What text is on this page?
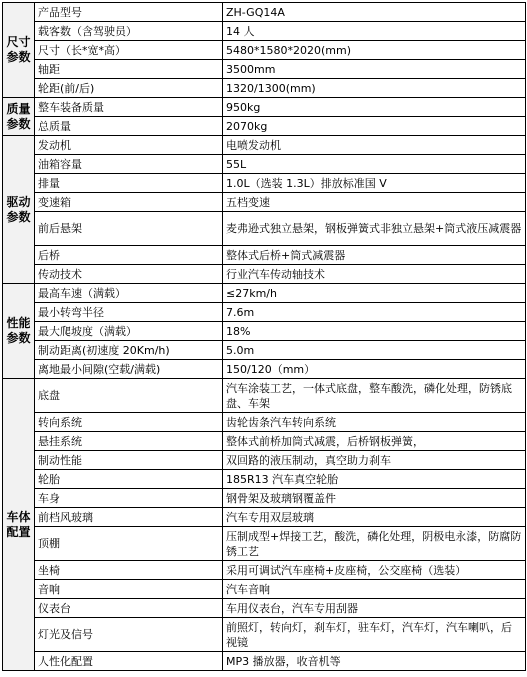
尺寸参数	产品型号	ZH-GQ14A
	载客数（含驾驶员）	14 人
	尺寸（长*宽*高）	5480*1580*2020(mm)
	轴距	3500mm
	轮距(前/后)	1320/1300(mm)
质量参数	整车装备质量	950kg
	总质量	2070kg
驱动参数	发动机	电喷发动机
	油箱容量	55L
	排量	1.0L（选装 1.3L）排放标准国 V
	变速箱	五档变速
	前后悬架	麦弗逊式独立悬架，钢板弹簧式非独立悬架+筒式液压减震器
	后桥	整体式后桥+筒式减震器
	传动技术	行业汽车传动轴技术
性能参数	最高车速（满载）	≤27km/h
	最小转弯半径	7.6m
	最大爬坡度（满载）	18%
	制动距离(初速度 20Km/h)	5.0m
	离地最小间隙(空载/满载)	150/120（mm）
车体配置	底盘	汽车涂装工艺，一体式底盘，整车酸洗，磷化处理，防锈底盘、车架
	转向系统	齿轮齿条汽车转向系统
	悬挂系统	整体式前桥加筒式减震，后桥钢板弹簧，
	制动性能	双回路的液压制动，真空助力刹车
	轮胎	185R13 汽车真空轮胎
	车身	钢骨架及玻璃钢覆盖件
	前档风玻璃	汽车专用双层玻璃
	顶棚	压制成型+焊接工艺，酸洗，磷化处理，阴极电永漆，防腐防锈工艺
	坐椅	采用可调试汽车座椅+皮座椅，公交座椅（选装）
	音响	汽车音响
	仪表台	车用仪表台，汽车专用刮器
	灯光及信号	前照灯，转向灯，刹车灯，驻车灯，汽车灯，汽车喇叭，后视镜
	人性化配置	MP3 播放器，收音机等
